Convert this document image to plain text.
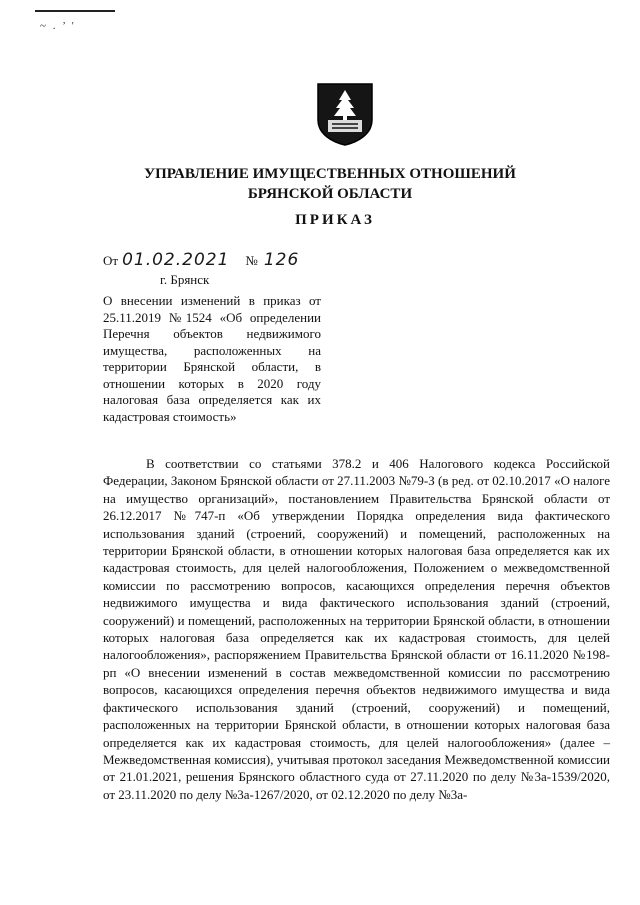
~ . ’ '
УПРАВЛЕНИЕ ИМУЩЕСТВЕННЫХ ОТНОШЕНИЙ
БРЯНСКОЙ ОБЛАСТИ
ПРИКАЗ
От 01.02.2021 № 126
г. Брянск
О внесении изменений в приказ от 25.11.2019 №1524 «Об определении Перечня объектов недвижимого имущества, расположенных на территории Брянской области, в отношении которых в 2020 году налоговая база определяется как их кадастровая стоимость»
В соответствии со статьями 378.2 и 406 Налогового кодекса Российской Федерации, Законом Брянской области от 27.11.2003 №79-З (в ред. от 02.10.2017 «О налоге на имущество организаций», постановлением Правительства Брянской области от 26.12.2017 №747-п «Об утверждении Порядка определения вида фактического использования зданий (строений, сооружений) и помещений, расположенных на территории Брянской области, в отношении которых налоговая база определяется как их кадастровая стоимость, для целей налогообложения, Положением о межведомственной комиссии по рассмотрению вопросов, касающихся определения перечня объектов недвижимого имущества и вида фактического использования зданий (строений, сооружений) и помещений, расположенных на территории Брянской области, в отношении которых налоговая база определяется как их кадастровая стоимость, для целей налогообложения», распоряжением Правительства Брянской области от 16.11.2020 №198-рп «О внесении изменений в состав межведомственной комиссии по рассмотрению вопросов, касающихся определения перечня объектов недвижимого имущества и вида фактического использования зданий (строений, сооружений) и помещений, расположенных на территории Брянской области, в отношении которых налоговая база определяется как их кадастровая стоимость, для целей налогообложения» (далее – Межведомственная комиссия), учитывая протокол заседания Межведомственной комиссии от 21.01.2021, решения Брянского областного суда от 27.11.2020 по делу №3а-1539/2020, от 23.11.2020 по делу №3а-1267/2020, от 02.12.2020 по делу №3а-
